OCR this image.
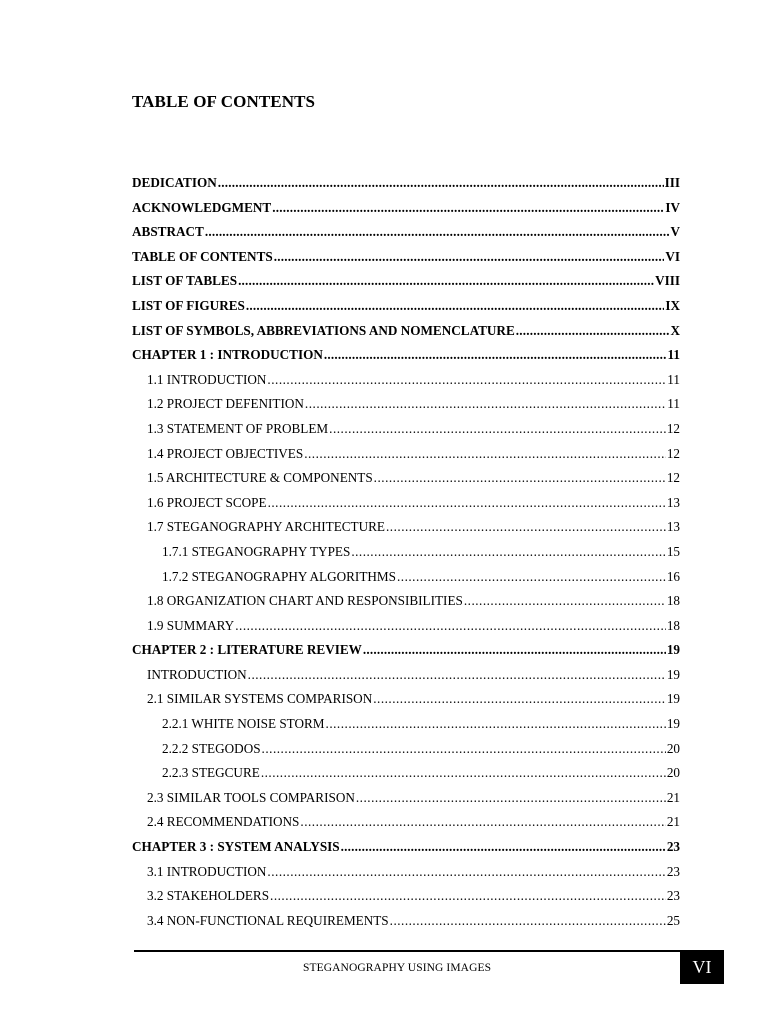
TABLE OF CONTENTS
DEDICATION .....	III
ACKNOWLEDGMENT .....	IV
ABSTRACT .....	V
TABLE OF CONTENTS .....	VI
LIST OF TABLES .....	VIII
LIST OF FIGURES .....	IX
LIST OF SYMBOLS, ABBREVIATIONS AND NOMENCLATURE .....	X
CHAPTER 1 : INTRODUCTION .....	11
1.1 INTRODUCTION .....	11
1.2 PROJECT DEFENITION .....	11
1.3 STATEMENT OF PROBLEM .....	12
1.4 PROJECT OBJECTIVES .....	12
1.5 ARCHITECTURE & COMPONENTS .....	12
1.6 PROJECT SCOPE .....	13
1.7 STEGANOGRAPHY ARCHITECTURE .....	13
1.7.1 STEGANOGRAPHY TYPES .....	15
1.7.2 STEGANOGRAPHY ALGORITHMS .....	16
1.8 ORGANIZATION CHART AND RESPONSIBILITIES .....	18
1.9 SUMMARY .....	18
CHAPTER 2 : LITERATURE REVIEW .....	19
INTRODUCTION .....	19
2.1 SIMILAR SYSTEMS COMPARISON .....	19
2.2.1 WHITE NOISE STORM .....	19
2.2.2 STEGODOS .....	20
2.2.3 STEGCURE .....	20
2.3 SIMILAR TOOLS COMPARISON .....	21
2.4 RECOMMENDATIONS .....	21
CHAPTER 3 : SYSTEM ANALYSIS .....	23
3.1 INTRODUCTION .....	23
3.2 STAKEHOLDERS .....	23
3.4 NON-FUNCTIONAL REQUIREMENTS .....	25
STEGANOGRAPHY USING IMAGES	VI
